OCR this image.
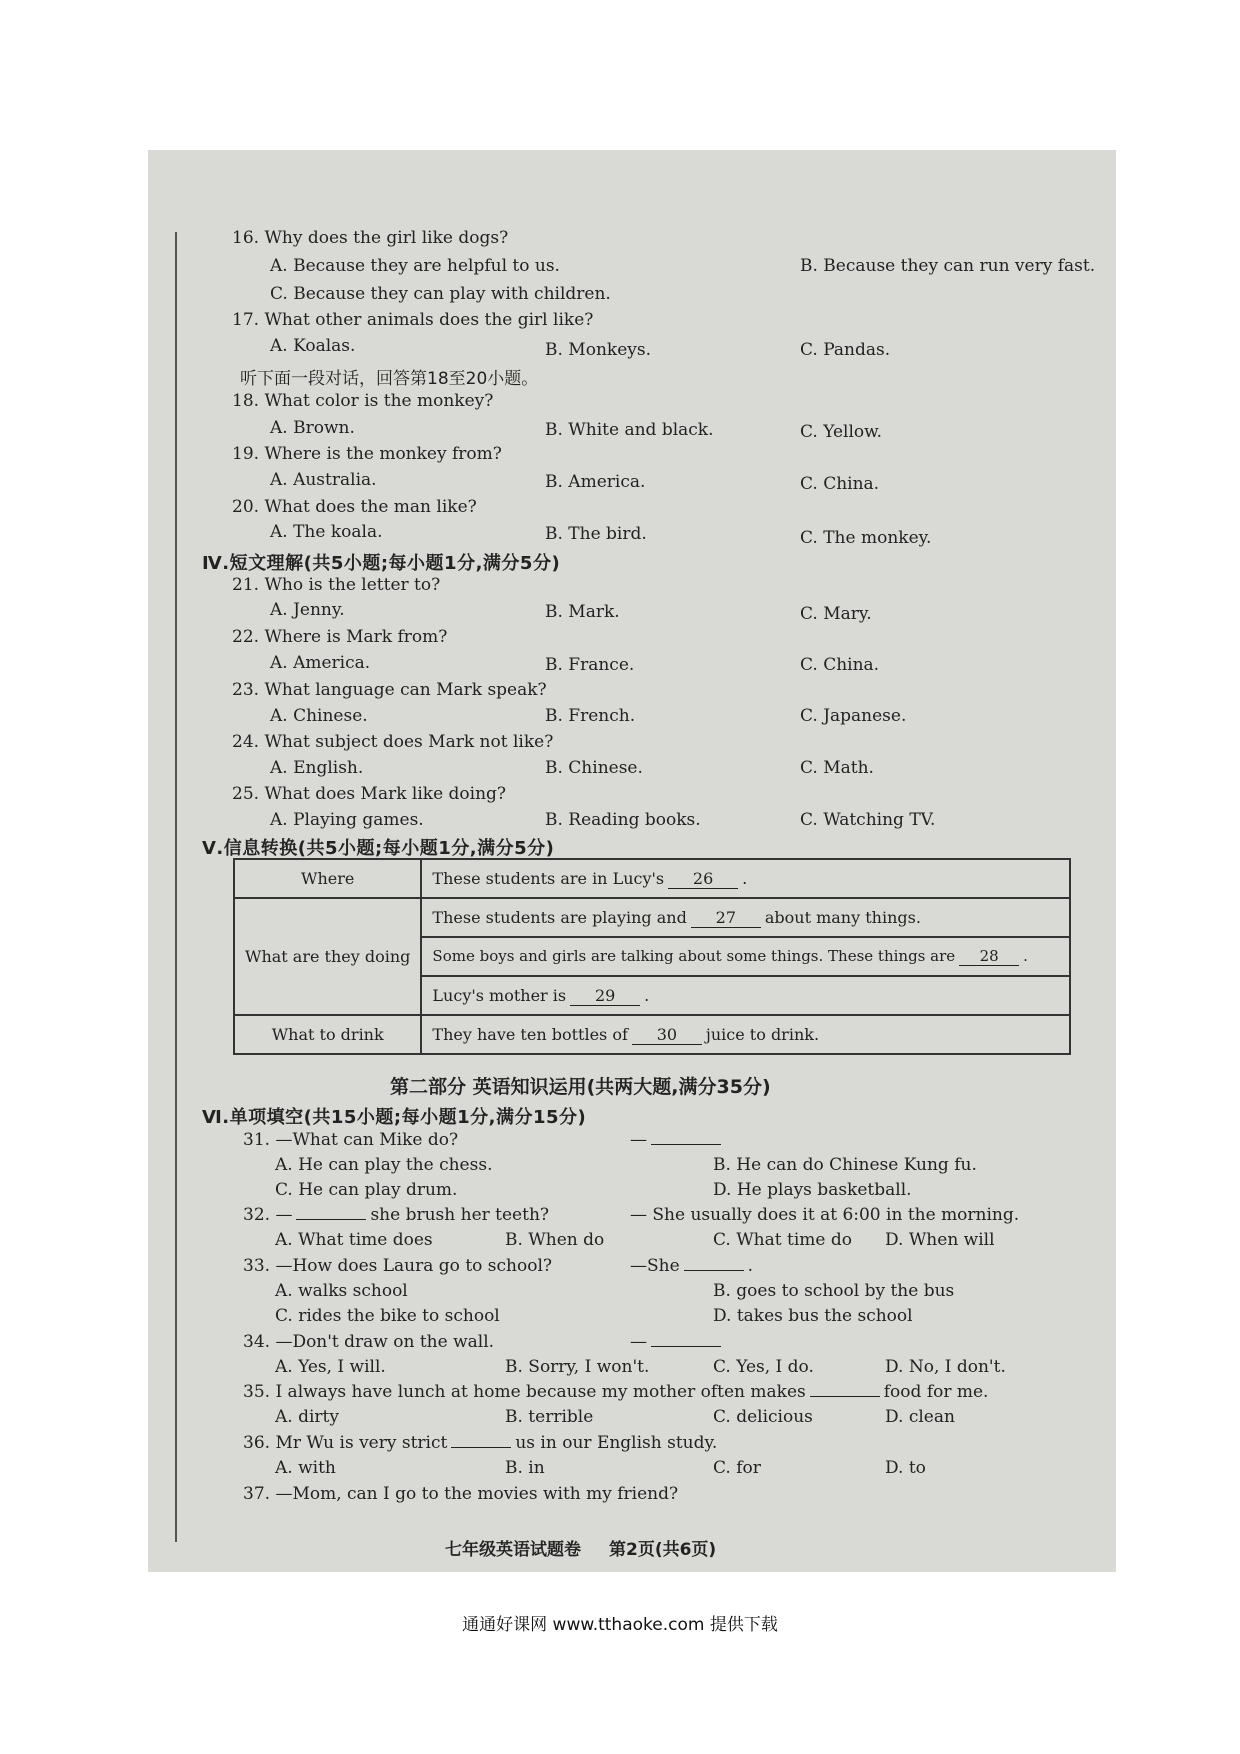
16. Why does the girl like dogs?
A. Because they are helpful to us.	B. Because they can run very fast.
C. Because they can play with children.
17. What other animals does the girl like?
A. Koalas.	B. Monkeys.	C. Pandas.
听下面一段对话，回答第18至20小题。
18. What color is the monkey?
A. Brown.	B. White and black.	C. Yellow.
19. Where is the monkey from?
A. Australia.	B. America.	C. China.
20. What does the man like?
A. The koala.	B. The bird.	C. The monkey.
Ⅳ.短文理解(共5小题;每小题1分,满分5分)
21. Who is the letter to?
A. Jenny.	B. Mark.	C. Mary.
22. Where is Mark from?
A. America.	B. France.	C. China.
23. What language can Mark speak?
A. Chinese.	B. French.	C. Japanese.
24. What subject does Mark not like?
A. English.	B. Chinese.	C. Math.
25. What does Mark like doing?
A. Playing games.	B. Reading books.	C. Watching TV.
Ⅴ.信息转换(共5小题;每小题1分,满分5分)
Where	These students are in Lucy's 26 .
What are they doing	These students are playing and 27 about many things.
	Some boys and girls are talking about some things. These things are 28 .
	Lucy's mother is 29 .
What to drink	They have ten bottles of 30 juice to drink.
第二部分 英语知识运用(共两大题,满分35分)
Ⅵ.单项填空(共15小题;每小题1分,满分15分)
31. —What can Mike do?	—
A. He can play the chess.	B. He can do Chinese Kung fu.
C. He can play drum.	D. He plays basketball.
32. —	she brush her teeth?	— She usually does it at 6:00 in the morning.
A. What time does	B. When do	C. What time do D. When will
33. —How does Laura go to school?	—She	.
A. walks school	B. goes to school by the bus
C. rides the bike to school	D. takes bus the school
34. —Don't draw on the wall.	—
A. Yes, I will.	B. Sorry, I won't.	C. Yes, I do.	D. No, I don't.
35. I always have lunch at home because my mother often makes	food for me.
A. dirty	B. terrible	C. delicious	D. clean
36. Mr Wu is very strict	us in our English study.
A. with	B. in	C. for	D. to
37. —Mom, can I go to the movies with my friend?
七年级英语试题卷 第2页(共6页)
通通好课网 www.tthaoke.com 提供下载
